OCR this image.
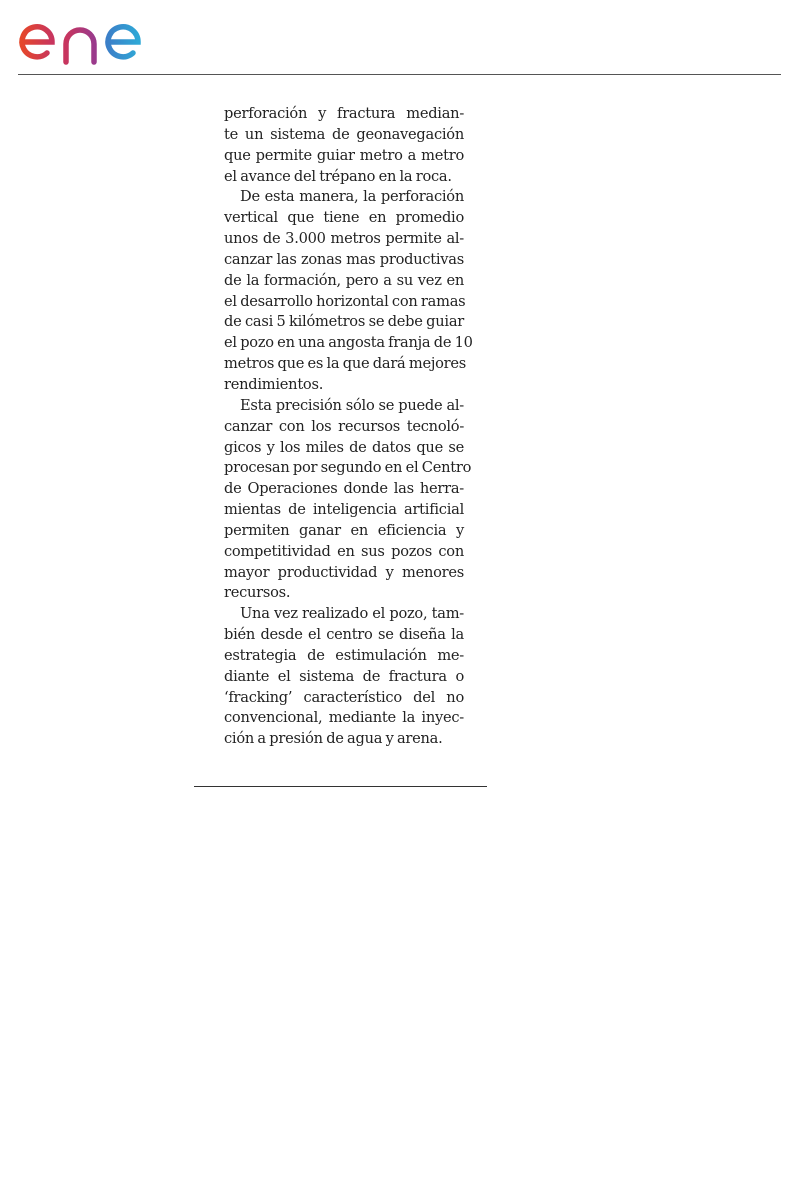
perforación y fractura median-
te un sistema de geonavegación
que permite guiar metro a metro
el avance del trépano en la roca.
De esta manera, la perforación
vertical que tiene en promedio
unos de 3.000 metros permite al-
canzar las zonas mas productivas
de la formación, pero a su vez en
el desarrollo horizontal con ramas
de casi 5 kilómetros se debe guiar
el pozo en una angosta franja de 10
metros que es la que dará mejores
rendimientos.
Esta precisión sólo se puede al-
canzar con los recursos tecnoló-
gicos y los miles de datos que se
procesan por segundo en el Centro
de Operaciones donde las herra-
mientas de inteligencia artificial
permiten ganar en eficiencia y
competitividad en sus pozos con
mayor productividad y menores
recursos.
Una vez realizado el pozo, tam-
bién desde el centro se diseña la
estrategia de estimulación me-
diante el sistema de fractura o
‘fracking’ característico del no
convencional, mediante la inyec-
ción a presión de agua y arena.
